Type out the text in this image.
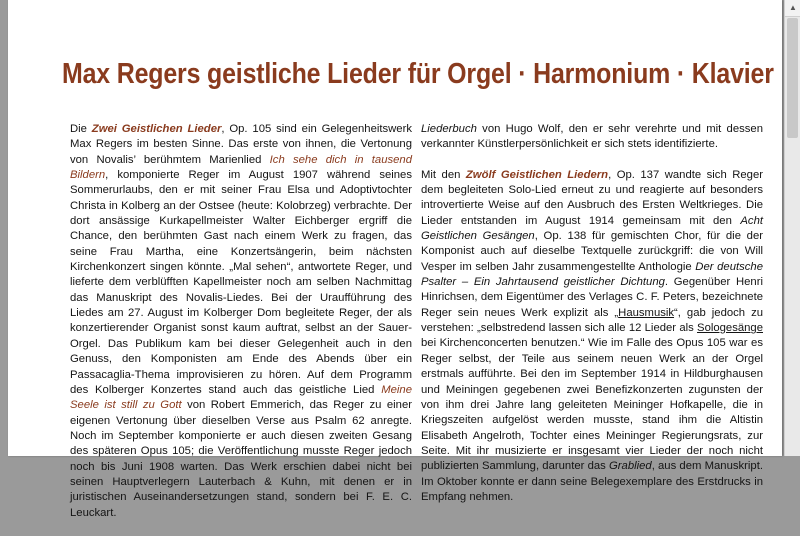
Max Regers geistliche Lieder für Orgel · Harmonium · Klavier

Die Zwei Geistlichen Lieder, Op. 105 sind ein Gelegenheitswerk Max Regers im besten Sinne. Das erste von ihnen, die Vertonung von Novalis’ berühmtem Marienlied Ich sehe dich in tausend Bildern, komponierte Reger im August 1907 während seines Sommerurlaubs, den er mit seiner Frau Elsa und Adoptivtochter Christa in Kolberg an der Ostsee (heute: Kolobrzeg) verbrachte. Der dort ansässige Kurkapellmeister Walter Eichberger ergriff die Chance, den berühmten Gast nach einem Werk zu fragen, das seine Frau Martha, eine Konzertsängerin, beim nächsten Kirchenkonzert singen könnte. „Mal sehen“, antwortete Reger, und lieferte dem verblüfften Kapellmeister noch am selben Nachmittag das Manuskript des Novalis-Liedes. Bei der Uraufführung des Liedes am 27. August im Kolberger Dom begleitete Reger, der als konzertierender Organist sonst kaum auftrat, selbst an der Sauer-Orgel. Das Publikum kam bei dieser Gelegenheit auch in den Genuss, den Komponisten am Ende des Abends über ein Passacaglia-Thema improvisieren zu hören. Auf dem Programm des Kolberger Konzertes stand auch das geistliche Lied Meine Seele ist still zu Gott von Robert Emmerich, das Reger zu einer eigenen Vertonung über dieselben Verse aus Psalm 62 anregte. Noch im September komponierte er auch diesen zweiten Gesang des späteren Opus 105; die Veröffentlichung musste Reger jedoch noch bis Juni 1908 warten. Das Werk erschien dabei nicht bei seinen Hauptverlegern Lauterbach & Kuhn, mit denen er in juristischen Auseinandersetzungen stand, sondern bei F. E. C. Leuckart.

Liederbuch von Hugo Wolf, den er sehr verehrte und mit dessen verkannter Künstlerpersönlichkeit er sich stets identifizierte.

Mit den Zwölf Geistlichen Liedern, Op. 137 wandte sich Reger dem begleiteten Solo-Lied erneut zu und reagierte auf besonders introvertierte Weise auf den Ausbruch des Ersten Weltkrieges. Die Lieder entstanden im August 1914 gemeinsam mit den Acht Geistlichen Gesängen, Op. 138 für gemischten Chor, für die der Komponist auch auf dieselbe Textquelle zurückgriff: die von Will Vesper im selben Jahr zusammengestellte Anthologie Der deutsche Psalter – Ein Jahrtausend geistlicher Dichtung. Gegenüber Henri Hinrichsen, dem Eigentümer des Verlages C. F. Peters, bezeichnete Reger sein neues Werk explizit als „Hausmusik“, gab jedoch zu verstehen: „selbstredend lassen sich alle 12 Lieder als Sologesänge bei Kirchenconcerten benutzen.“ Wie im Falle des Opus 105 war es Reger selbst, der Teile aus seinem neuen Werk an der Orgel erstmals aufführte. Bei den im September 1914 in Hildburghausen und Meiningen gegebenen zwei Benefizkonzerten zugunsten der von ihm drei Jahre lang geleiteten Meininger Hofkapelle, die in Kriegszeiten aufgelöst werden musste, stand ihm die Altistin Elisabeth Angelroth, Tochter eines Meininger Regierungsrats, zur Seite. Mit ihr musizierte er insgesamt vier Lieder der noch nicht publizierten Sammlung, darunter das Grablied, aus dem Manuskript. Im Oktober konnte er dann seine Belegexemplare des Erstdrucks in Empfang nehmen.

▲
